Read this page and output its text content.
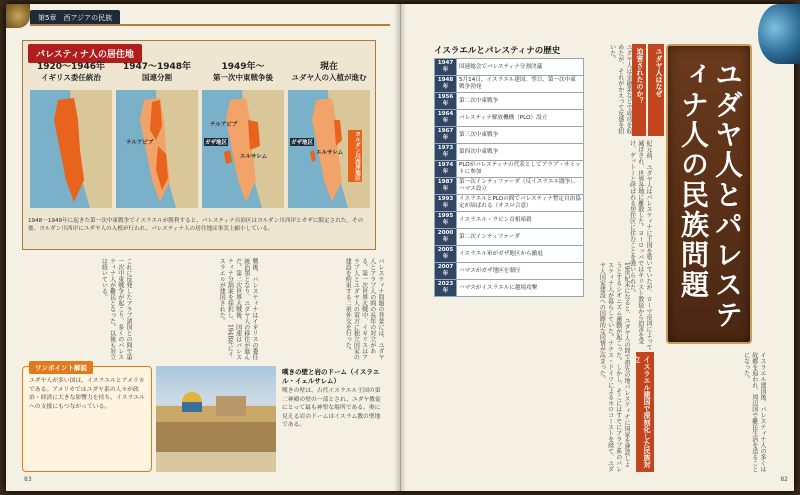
第5章　西アジアの民族
パレスティナ人の居住地
1920〜1946年
イギリス委任統治
1947〜1948年
国連分割
テルアビブ
1949年〜
第一次中東戦争後
ガザ地区
テルアビブ
エルサレム
現在
ユダヤ人の入植が進む
ガザ地区
エルサレム	ヨルダン川西岸地区
1948〜1949年に起きた第一次中東戦争でイスラエルが勝利すると、パレスティナ自治区はヨルダン川西岸とガザに限定された。その後、ヨルダン川西岸にユダヤ人の入植が行われ、パレスティナ人の居住地は事実上縮小している。
パレスティナ問題の背景には、ユダヤ人とアラブ人の間の長年の対立がある。第一次世界大戦中、イギリスはアラブ人とユダヤ人の双方に独立国家の建設を約束する二重外交を行った。
戦後、パレスティナはイギリスの委任統治領となり、ユダヤ人の移住が進んだ。第二次世界大戦後、国連はパレスティナ分割案を採択し、1948年にイスラエルが建国された。
これに反発したアラブ諸国との間で第一次中東戦争が起こり、多くのパレスティナ人が難民となった。以後も対立は続いている。
ワンポイント解説
ユダヤ人が多い国は、イスラエルとアメリカである。アメリカではユダヤ系の人々が政治・経済に大きな影響力を持ち、イスラエルへの支援にもつながっている。
嘆きの壁と岩のドーム（イスラエル・イェルサレム）
嘆きの壁は、古代イスラエル王国の第二神殿の壁の一部とされ、ユダヤ教徒にとって最も神聖な場所である。奥に見える岩のドームはイスラム教の聖地である。
イスラエルとパレスティナの歴史
1947年	国連総会でパレスティナ分割決議
1948年	5月14日、イスラエル建国。翌日、第一次中東戦争勃発
1956年	第二次中東戦争
1964年	パレスティナ解放機構（PLO）設立
1967年	第三次中東戦争
1973年	第四次中東戦争
1974年	PLOがパレスティナの代表としてアラブ・サミットに参加
1987年	第一次インティファーダ（反イスラエル闘争）、ハマス設立
1993年	イスラエルとPLOの間でパレスティナ暫定自治協定が結ばれる（オスロ合意）
1995年	イスラエル・ラビン首相暗殺
2000年	第二次インティファーダ
2005年	イスラエル軍がガザ地区から撤退
2007年	ハマスがガザ地区を制圧
2023年	ハマスがイスラエルに越境攻撃
ユダヤ人は金融業などで成功を収めたが、それがかえって反感を招いた。	迫害されたのか？	ユダヤ人はなぜ
紀元前、ユダヤ人はパレスティナに王国を築いていたが、ローマ帝国によって滅ぼされ、世界各地に離散した。ヨーロッパではキリスト教徒から迫害を受け、ゲットーと呼ばれる居住区に住むことを強いられた。	ユダヤ人とパレスティナ人の民族問題
19世紀末になると、ユダヤ人の間で祖先の地パレスティナに国家を建設しようとするシオニズム運動が起こった。しかし、そこにはすでにアラブ系のパレスティナ人が暮らしていた。ナチス・ドイツによるホロコーストを経て、ユダヤ人国家建設への国際的な同情が高まった。
イスラエル建国で深刻化した民族対立	イスラエル建国後、パレスティナ人の多くは故郷を追われ、周辺国で難民生活を送ることになった。
83	82
